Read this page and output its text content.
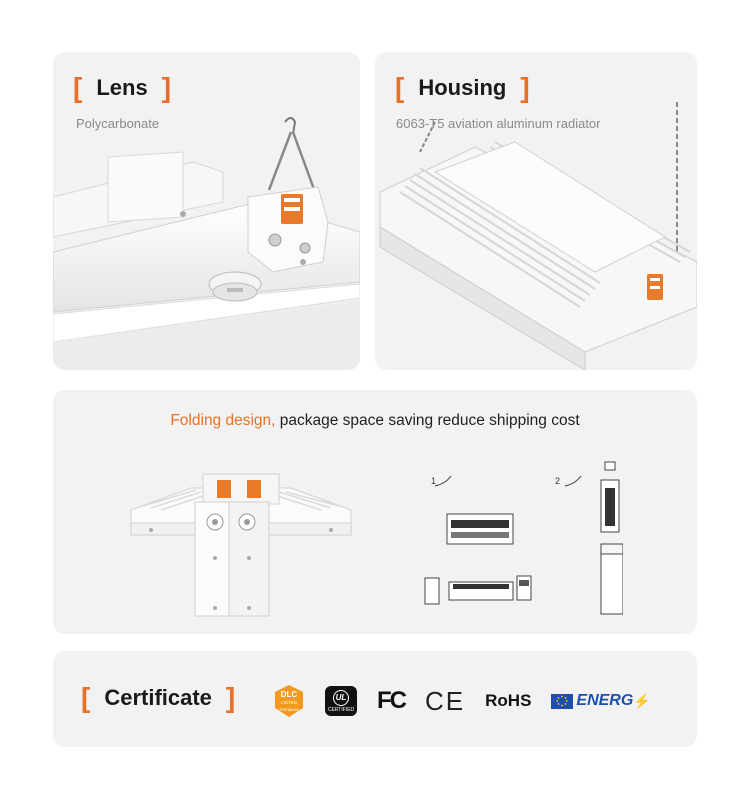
[ Lens ]
Polycarbonate
[ Housing ]
6063-T5 aviation aluminum radiator
Folding design, package space saving reduce shipping cost
1	2
[ Certificate ]	DLC
LISTED
PREMIUM
UL
CERTIFIED FC CE RoHS	ENERG ⚡
